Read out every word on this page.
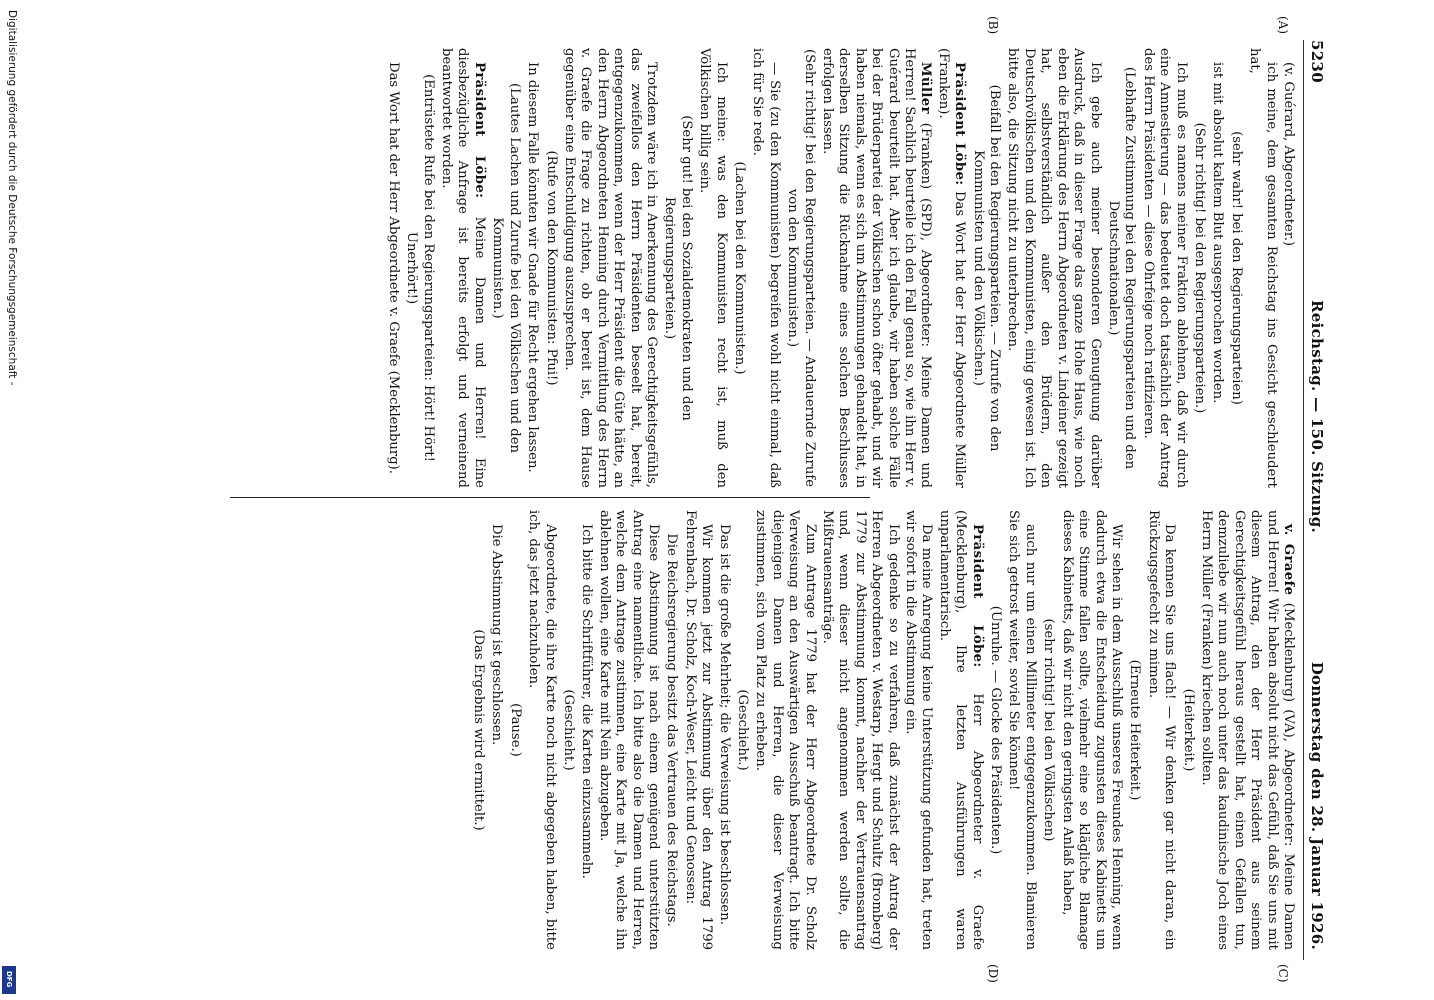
5230
Reichstag. — 150. Sitzung.
Donnerstag den 28. Januar 1926.
(v. Guérard, Abgeordneter.)
ich meine, dem gesamten Reichstag ins Gesicht geschleudert hat,
(sehr wahr! bei den Regierungsparteien)
ist mit absolut kaltem Blut ausgesprochen worden.
(Sehr richtig! bei den Regierungsparteien.)
Ich muß es namens meiner Fraktion ablehnen, daß wir durch eine Amnestierung — das bedeutet doch tatsächlich der Antrag des Herrn Präsidenten — diese Ohrfeige noch ratifizieren.
(Lebhafte Zustimmung bei den Regierungsparteien und den Deutschnationalen.)
Ich gebe auch meiner besonderen Genugtuung darüber Ausdruck, daß in dieser Frage das ganze Hohe Haus, wie noch eben die Erklärung des Herrn Abgeordneten v. Lindeiner gezeigt hat, selbstverständlich außer den Brüdern, den Deutschvölkischen und den Kommunisten, einig gewesen ist. Ich bitte also, die Sitzung nicht zu unterbrechen.
(Beifall bei den Regierungsparteien. — Zurufe von den Kommunisten und den Völkischen.)
Präsident Löbe: Das Wort hat der Herr Abgeordnete Müller (Franken).
Müller (Franken) (SPD), Abgeordneter: Meine Damen und Herren! Sachlich beurteile ich den Fall genau so, wie ihn Herr v. Guérard beurteilt hat. Aber ich glaube, wir haben solche Fälle bei der Brüderpartei der Völkischen schon öfter gehabt, und wir haben niemals, wenn es sich um Abstimmungen gehandelt hat, in derselben Sitzung die Rücknahme eines solchen Beschlusses erfolgen lassen.
(Sehr richtig! bei den Regierungsparteien. — Andauernde Zurufe von den Kommunisten.)
— Sie (zu den Kommunisten) begreifen wohl nicht einmal, daß ich für Sie rede.
(Lachen bei den Kommunisten.)
Ich meine: was den Kommunisten recht ist, muß den Völkischen billig sein.
(Sehr gut! bei den Sozialdemokraten und den Regierungsparteien.)
Trotzdem wäre ich in Anerkennung des Gerechtigkeitsgefühls, das zweifellos den Herrn Präsidenten beseelt hat, bereit, entgegenzukommen, wenn der Herr Präsident die Güte hätte, an den Herrn Abgeordneten Henning durch Vermittlung des Herrn v. Graefe die Frage zu richten, ob er bereit ist, dem Hause gegenüber eine Entschuldigung auszusprechen.
(Rufe von den Kommunisten: Pfui!)
In diesem Falle könnten wir Gnade für Recht ergehen lassen.
(Lautes Lachen und Zurufe bei den Völkischen und den Kommunisten.)
Präsident Löbe: Meine Damen und Herren! Eine diesbezügliche Anfrage ist bereits erfolgt und verneinend beantwortet worden.
(Entrüstete Rufe bei den Regierungsparteien: Hört! Hört! Unerhört!)
Das Wort hat der Herr Abgeordnete v. Graefe (Mecklenburg).
v. Graefe (Mecklenburg) (VA), Abgeordneter: Meine Damen und Herren! Wir haben absolut nicht das Gefühl, daß Sie uns mit diesem Antrag, den der Herr Präsident aus seinem Gerechtigkeitsgefühl heraus gestellt hat, einen Gefallen tun, demzuliebe wir nun auch noch unter das kaudinische Joch eines Herrn Müller (Franken) kriechen sollten.
(Heiterkeit.)
Da kennen Sie uns flach! — Wir denken gar nicht daran, ein Rückzugsgefecht zu mimen.
(Erneute Heiterkeit.)
Wir sehen in dem Ausschluß unseres Freundes Henning, wenn dadurch etwa die Entscheidung zugunsten dieses Kabinetts um eine Stimme fallen sollte, vielmehr eine so klägliche Blamage dieses Kabinetts, daß wir nicht den geringsten Anlaß haben,
(sehr richtig! bei den Völkischen)
auch nur um einen Millimeter entgegenzukommen. Blamieren Sie sich getrost weiter, soviel Sie können!
(Unruhe. — Glocke des Präsidenten.)
Präsident Löbe: Herr Abgeordneter v. Graefe (Mecklenburg), Ihre letzten Ausführungen waren unparlamentarisch.
Da meine Anregung keine Unterstützung gefunden hat, treten wir sofort in die Abstimmung ein.
Ich gedenke so zu verfahren, daß zunächst der Antrag der Herren Abgeordneten v. Westarp, Hergt und Schultz (Bromberg) 1779 zur Abstimmung kommt, nachher der Vertrauensantrag und, wenn dieser nicht angenommen werden sollte, die Mißtrauensanträge.
Zum Antrage 1779 hat der Herr Abgeordnete Dr. Scholz Verweisung an den Auswärtigen Ausschuß beantragt. Ich bitte diejenigen Damen und Herren, die dieser Verweisung zustimmen, sich vom Platz zu erheben.
(Geschieht.)
Das ist die große Mehrheit; die Verweisung ist beschlossen.
Wir kommen jetzt zur Abstimmung über den Antrag 1799 Fehrenbach, Dr. Scholz, Koch-Weser, Leicht und Genossen:
Die Reichsregierung besitzt das Vertrauen des Reichstags.
Diese Abstimmung ist nach einem genügend unterstützten Antrag eine namentliche. Ich bitte also die Damen und Herren, welche dem Antrage zustimmen, eine Karte mit Ja, welche ihn ablehnen wollen, eine Karte mit Nein abzugeben.
Ich bitte die Schriftführer, die Karten einzusammeln.
(Geschieht.)
Abgeordnete, die ihre Karte noch nicht abgegeben haben, bitte ich, das jetzt nachzuholen.
(Pause.)
Die Abstimmung ist geschlossen.
(Das Ergebnis wird ermittelt.)
(A)
(B)
(C)
(D)
Digitalisierung gefördert durch die Deutsche Forschungsgemeinschaft -
DFG
